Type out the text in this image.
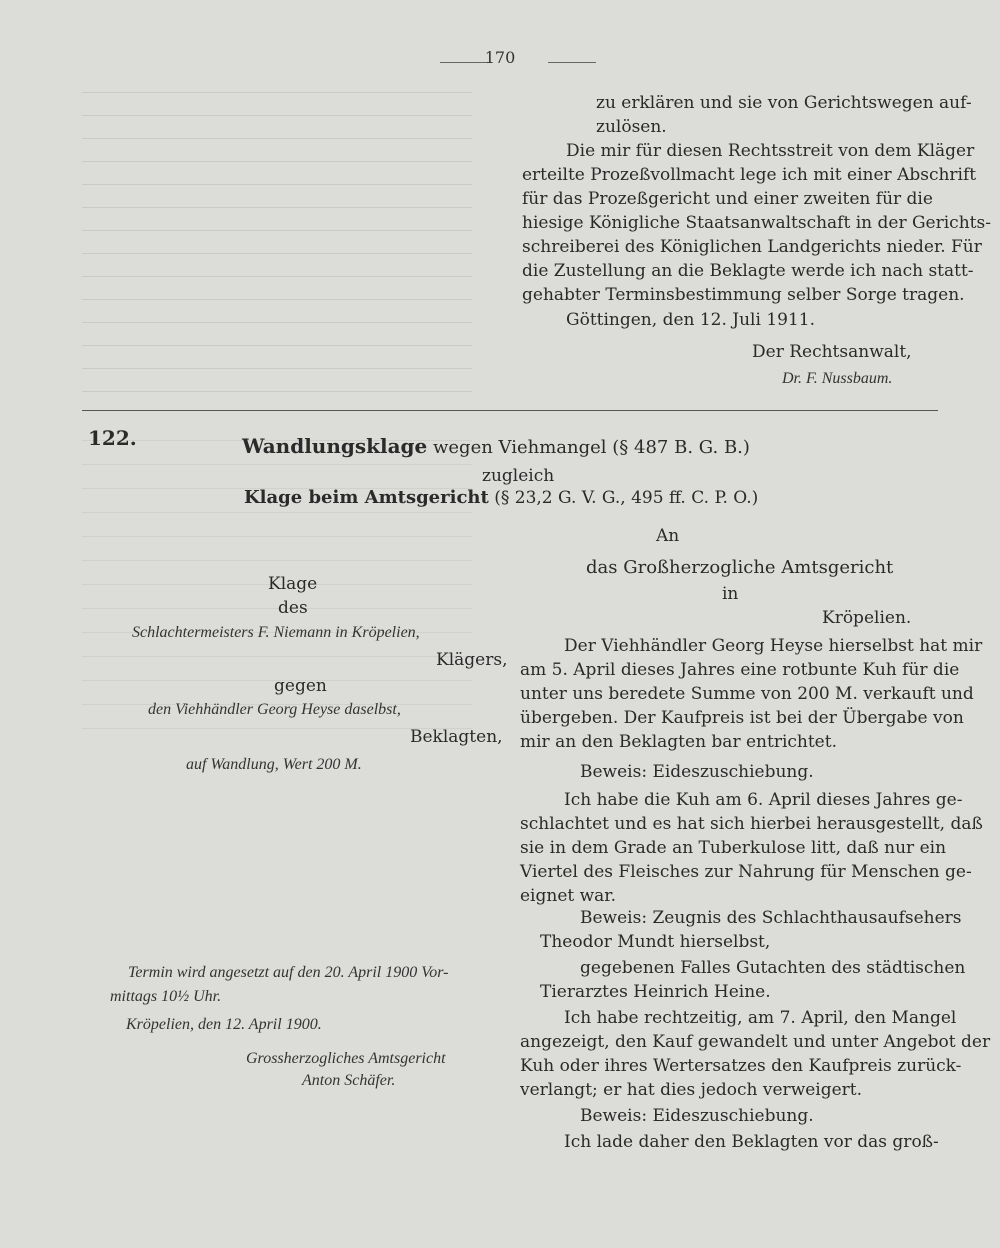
170
zu erklären und sie von Gerichtswegen auf-
zulösen.
Die mir für diesen Rechtsstreit von dem Kläger
erteilte Prozeßvollmacht lege ich mit einer Abschrift
für das Prozeßgericht und einer zweiten für die
hiesige Königliche Staatsanwaltschaft in der Gerichts-
schreiberei des Königlichen Landgerichts nieder. Für
die Zustellung an die Beklagte werde ich nach statt-
gehabter Terminsbestimmung selber Sorge tragen.
Göttingen, den 12. Juli 1911.
Der Rechtsanwalt,
Dr. F. Nussbaum.
122.	Wandlungsklage wegen Viehmangel (§ 487 B. G. B.)
zugleich
Klage beim Amtsgericht (§ 23,2 G. V. G., 495 ff. C. P. O.)
Klage
des
Schlachtermeisters F. Niemann in Kröpelien,
Klägers,
gegen
den Viehhändler Georg Heyse daselbst,
Beklagten,
auf Wandlung, Wert 200 M.
Termin wird angesetzt auf den 20. April 1900 Vor-
mittags 10½ Uhr.
Kröpelien, den 12. April 1900.
Grossherzogliches Amtsgericht
Anton Schäfer.
An
das Großherzogliche Amtsgericht
in
Kröpelien.
Der Viehhändler Georg Heyse hierselbst hat mir
am 5. April dieses Jahres eine rotbunte Kuh für die
unter uns beredete Summe von 200 M. verkauft und
übergeben. Der Kaufpreis ist bei der Übergabe von
mir an den Beklagten bar entrichtet.
Beweis: Eideszuschiebung.
Ich habe die Kuh am 6. April dieses Jahres ge-
schlachtet und es hat sich hierbei herausgestellt, daß
sie in dem Grade an Tuberkulose litt, daß nur ein
Viertel des Fleisches zur Nahrung für Menschen ge-
eignet war.
Beweis: Zeugnis des Schlachthausaufsehers
Theodor Mundt hierselbst,
gegebenen Falles Gutachten des städtischen
Tierarztes Heinrich Heine.
Ich habe rechtzeitig, am 7. April, den Mangel
angezeigt, den Kauf gewandelt und unter Angebot der
Kuh oder ihres Wertersatzes den Kaufpreis zurück-
verlangt; er hat dies jedoch verweigert.
Beweis: Eideszuschiebung.
Ich lade daher den Beklagten vor das groß-
